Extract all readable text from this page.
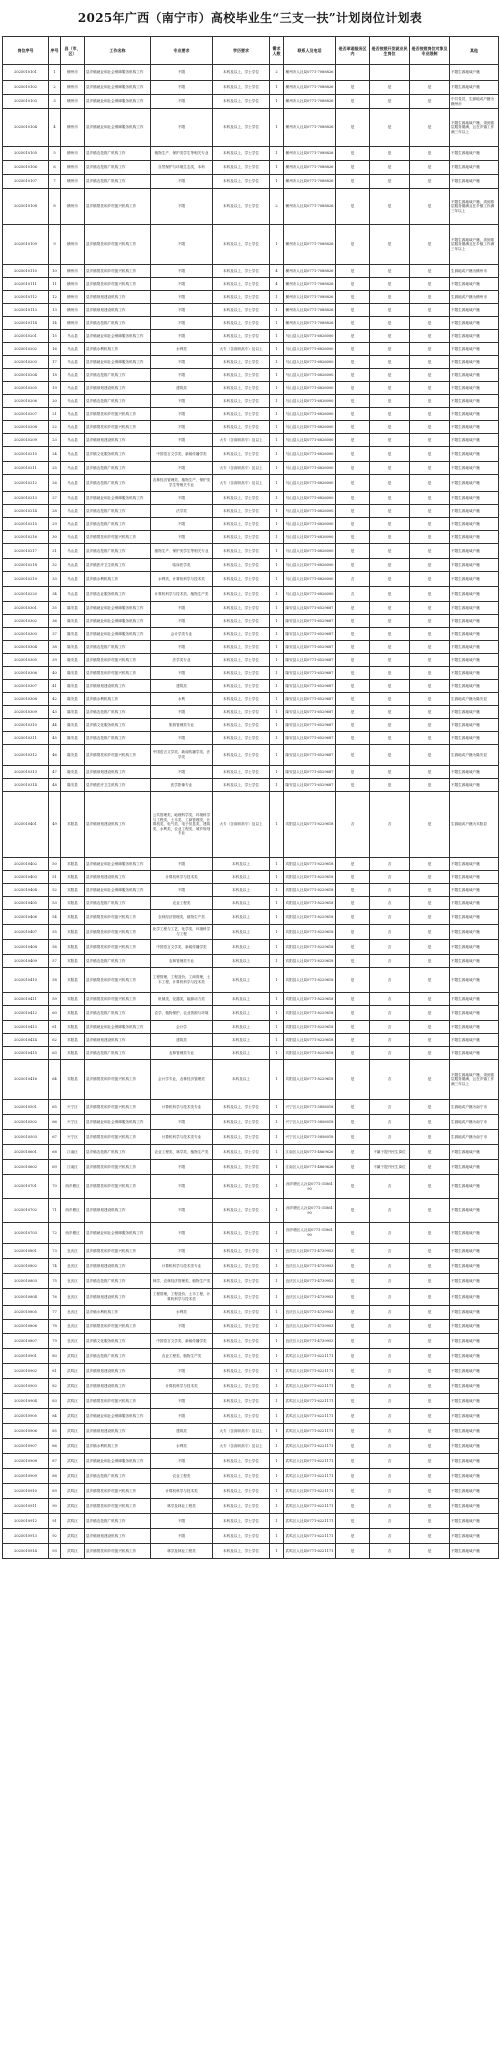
2025年广西（南宁市）高校毕业生“三支一扶”计划岗位计划表
岗位序号	序号	县（市、区）	工作名称	专业要求	学历要求	需求人数	联系人及电话	是否承诺服务区内	是否按照开发就业民生岗位	是否按照岗位对象及专业限制	其他
2025010101	1	横州市	县乡镇就业和社会保障服务机构工作	不限	本科及以上，学士学位	2	横州市人社局0771-7088826				不限生源地域户籍
2025010102	2	横州市	县乡镇就业和社会保障服务机构工作	不限	本科及以上，学士学位	1	横州市人社局0771-7088826	是	是	是	不限生源地域户籍
2025010103	3	横州市	县乡镇就业和社会保障服务机构工作	不限	本科及以上，学士学位	1	横州市人社局0771-7088826	是	是	是	中共党员，生源地或户籍为横州市
2025010104	4	横州市	县乡镇就业和社会保障服务机构工作	不限	本科及以上，学士学位	1	横州市人社局0771-7088826	是	是	是	不限生源地域户籍，须到基层服务期满，且在乡镇工作满三年以上
2025010105	5	横州市	县乡镇农技推广机构工作	植物生产、保护类学生等相关专业	本科及以上，学士学位	1	横州市人社局0771-7088826	是	是	是	不限生源地域户籍
2025010106	6	横州市	县乡镇农技推广机构工作	自然保护与环境生态类，本科	本科及以上，学士学位	1	横州市人社局0771-7088826	是	是	是	不限生源地域户籍
2025010107	7	横州市	县乡镇农技推广机构工作	不限	本科及以上，学士学位	1	横州市人社局0771-7088826	是	是	是	不限生源地域户籍
2025010108	8	横州市	县乡镇帮扶和乡村振兴机构工作	不限	本科及以上，学士学位	2	横州市人社局0771-7088826	是	是	是	不限生源地域户籍，须到基层服务期满且在乡镇工作满三年以上
2025010109	9	横州市	县乡镇帮扶和乡村振兴机构工作	不限	本科及以上，学士学位	1	横州市人社局0771-7088826	是	是	是	不限生源地域户籍，须到基层服务期满且在乡镇工作满三年以上
2025010110	10	横州市	县乡镇帮扶和乡村振兴机构工作	不限	本科及以上，学士学位	4	横州市人社局0771-7088826	是	是	是	生源地或户籍为横州市
2025010111	11	横州市	县乡镇帮扶和乡村振兴机构工作	不限	本科及以上，学士学位	4	横州市人社局0771-7088826	是	是	是	不限生源地域户籍
2025010112	12	横州市	县乡镇规划建设机构工作	不限	本科及以上，学士学位	1	横州市人社局0771-7088826	是	是	是	生源地或户籍为横州市
2025010113	13	横州市	县乡镇规划建设机构工作	不限	本科及以上，学士学位	1	横州市人社局0771-7088826	是	是	是	不限生源地域户籍
2025010114	14	横州市	县乡镇农技推广机构工作	不限	本科及以上，学士学位	1	横州市人社局0771-7088826	是	是	是	不限生源地域户籍
2025010201	15	马山县	县乡镇就业和社会保障服务机构工作	不限	本科及以上，学士学位	1	马山县人社局0771-6826000	是	是	是	不限生源地域户籍
2025010202	16	马山县	县乡镇水利机构工作	水利类	大专（含高职高专）及以上	1	马山县人社局0771-6826000	是	是	是	不限生源地域户籍
2025010203	17	马山县	县乡镇就业和社会保障服务机构工作	不限	本科及以上，学士学位	1	马山县人社局0771-6826000	是	是	是	不限生源地域户籍
2025010204	18	马山县	县乡镇农技推广机构工作	不限	本科及以上，学士学位	1	马山县人社局0771-6826000	是	是	是	不限生源地域户籍
2025010205	19	马山县	县乡镇规划建设机构工作	建筑类	本科及以上，学士学位	1	马山县人社局0771-6826000	是	是	是	不限生源地域户籍
2025010206	20	马山县	县乡镇农技推广机构工作	不限	本科及以上，学士学位	1	马山县人社局0771-6826000	是	是	是	不限生源地域户籍
2025010207	21	马山县	县乡镇帮扶和乡村振兴机构工作	不限	本科及以上，学士学位	1	马山县人社局0771-6826000	是	是	是	不限生源地域户籍
2025010208	22	马山县	县乡镇帮扶和乡村振兴机构工作	不限	本科及以上，学士学位	1	马山县人社局0771-6826000	是	是	是	不限生源地域户籍
2025010209	23	马山县	县乡镇规划建设机构工作	不限	大专（含高职高专）及以上	1	马山县人社局0771-6826000	是	是	是	不限生源地域户籍
2025010210	24	马山县	县乡镇文化服务机构工作	中国语言文学类，新闻传播学类	本科及以上，学士学位	1	马山县人社局0771-6826000	是	是	是	不限生源地域户籍
2025010211	25	马山县	县乡镇农技推广机构工作	不限	大专（含高职高专）及以上	1	马山县人社局0771-6826000	是	是	是	不限生源地域户籍
2025010212	26	马山县	县乡镇农技推广机构工作	农林经济管理类，植物生产、保护类学生等相关专业	大专（含高职高专）及以上	1	马山县人社局0771-6826000	是	是	是	不限生源地域户籍
2025010213	27	马山县	县乡镇就业和社会保障服务机构工作	不限	本科及以上，学士学位	1	马山县人社局0771-6826000	是	是	是	不限生源地域户籍
2025010214	28	马山县	县乡镇农技推广机构工作	法学类	本科及以上，学士学位	1	马山县人社局0771-6826000	是	是	是	不限生源地域户籍
2025010215	29	马山县	县乡镇农技推广机构工作	不限	本科及以上，学士学位	1	马山县人社局0771-6826000	是	是	是	不限生源地域户籍
2025010216	30	马山县	县乡镇帮扶和乡村振兴机构工作	不限	本科及以上，学士学位	1	马山县人社局0771-6826000	是	是	是	不限生源地域户籍
2025010217	31	马山县	县乡镇农技推广机构工作	植物生产、保护类学生等相关专业	本科及以上，学士学位	1	马山县人社局0771-6826000	是	是	是	不限生源地域户籍
2025010218	32	马山县	县乡镇医疗卫生机构工作	临床医学类	本科及以上，学士学位	1	马山县人社局0771-6826000	是	是	是	不限生源地域户籍
2025010219	33	马山县	县乡镇水利机构工作	水利类，计算机科学与技术类	本科及以上，学士学位	1	马山县人社局0771-6826000	否	是	是	不限生源地域户籍
2025010220	34	马山县	县乡镇农业服务机构工作	计算机科学与技术类，植物生产类	本科及以上，学士学位	1	马山县人社局0771-6826000	否	是	是	不限生源地域户籍
2025010301	35	隆安县	县乡镇就业和社会保障服务机构工作	不限	本科及以上，学士学位	1	隆安县人社局0771-6529687	是	是	是	不限生源地域户籍
2025010302	36	隆安县	县乡镇就业和社会保障服务机构工作	不限	本科及以上，学士学位	1	隆安县人社局0771-6529687	是	是	是	不限生源地域户籍
2025010303	37	隆安县	县乡镇就业和社会保障服务机构工作	会计学类专业	本科及以上，学士学位	1	隆安县人社局0771-6529687	是	是	是	不限生源地域户籍
2025010304	38	隆安县	县乡镇农技推广机构工作	不限	本科及以上，学士学位	1	隆安县人社局0771-6529687	是	是	是	不限生源地域户籍
2025010305	39	隆安县	县乡镇帮扶和乡村振兴机构工作	法学类专业	本科及以上，学士学位	1	隆安县人社局0771-6529687	是	是	是	不限生源地域户籍
2025010306	40	隆安县	县乡镇帮扶和乡村振兴机构工作	不限	本科及以上，学士学位	1	隆安县人社局0771-6529687	是	是	是	不限生源地域户籍
2025010307	41	隆安县	县乡镇规划建设机构工作	建筑类	本科及以上，学士学位	1	隆安县人社局0771-6529687	是	是	是	不限生源地域户籍
2025010308	42	隆安县	县乡镇水利机构工作	水利	本科及以上，学士学位	1	隆安县人社局0771-6529687	是	是	是	生源地或户籍为隆安县
2025010309	43	隆安县	县乡镇农技推广机构工作	不限	本科及以上，学士学位	1	隆安县人社局0771-6529687	是	是	是	不限生源地域户籍
2025010310	44	隆安县	县乡镇文化服务机构工作	旅游管理类专业	本科及以上，学士学位	1	隆安县人社局0771-6529687	是	是	是	不限生源地域户籍
2025010311	45	隆安县	县乡镇农技推广机构工作	不限	本科及以上，学士学位	1	隆安县人社局0771-6529687	是	是	是	不限生源地域户籍
2025010312	46	隆安县	县乡镇帮扶和乡村振兴机构工作	中国语言文学类，新闻传播学类，法学类	本科及以上，学士学位	1	隆安县人社局0771-6529687	是	是	是	生源地或户籍为隆安县
2025010313	47	隆安县	县乡镇规划建设机构工作	不限	本科及以上，学士学位	1	隆安县人社局0771-6529687	是	是	是	不限生源地域户籍
2025010314	48	隆安县	县乡镇医疗卫生机构工作	医学影像专业	本科及以上，学士学位	1	隆安县人社局0771-6529687	是	是	是	不限生源地域户籍
2025010401	49	宾阳县	县乡镇规划建设机构工作	公共管理类，地理科学类，环境科学与工程类，土木类，工商管理类，计算机类，电气类，电子信息类，建筑类，水利类，农业工程类，城乡规划专业	大专（含高职高专）及以上	1	宾阳县人社局0771-8229618	否	否	是	生源地或户籍为宾阳县
2025010402	50	宾阳县	县乡镇就业和社会保障服务机构工作	不限	本科及以上	1	宾阳县人社局0771-8229618	是	否	是	不限生源地域户籍
2025010403	51	宾阳县	县乡镇规划建设机构工作	计算机科学与技术类	本科及以上	1	宾阳县人社局0771-8229618	是	否	是	不限生源地域户籍
2025010404	52	宾阳县	县乡镇就业和社会保障服务机构工作	不限	本科及以上	1	宾阳县人社局0771-8229618	是	否	是	不限生源地域户籍
2025010405	53	宾阳县	县乡镇农技推广机构工作	农业工程类	本科及以上	1	宾阳县人社局0771-8229618	是	否	是	不限生源地域户籍
2025010406	54	宾阳县	县乡镇帮扶和乡村振兴机构工作	农林经济管理类，植物生产类	本科及以上	1	宾阳县人社局0771-8229618	是	否	是	不限生源地域户籍
2025010407	55	宾阳县	县乡镇帮扶和乡村振兴机构工作	化学工程与工艺，化学类，环境科学与工程	本科及以上	1	宾阳县人社局0771-8229618	是	否	是	不限生源地域户籍
2025010408	56	宾阳县	县乡镇帮扶和乡村振兴机构工作	中国语言文学类，新闻传播学类	本科及以上	1	宾阳县人社局0771-8229618	是	否	是	不限生源地域户籍
2025010409	57	宾阳县	县乡镇农技推广机构工作	农林管理类专业	本科及以上	1	宾阳县人社局0771-8229618	是	否	是	不限生源地域户籍
2025010410	58	宾阳县	县乡镇帮扶和乡村振兴机构工作	工程管理，工程造价，工商管理，土木工程，计算机科学与技术类	本科及以上	1	宾阳县人社局0771-8229618	是	否	是	不限生源地域户籍
2025010411	59	宾阳县	县乡镇帮扶和乡村振兴机构工作	机械类，仪器类，能源动力类	本科及以上	1	宾阳县人社局0771-8229618	是	否	是	不限生源地域户籍
2025010412	60	宾阳县	县乡镇农技推广机构工作	农学，植物保护，农业资源与环境	本科及以上	1	宾阳县人社局0771-8229618	是	否	是	不限生源地域户籍
2025010413	61	宾阳县	县乡镇就业和社会保障服务机构工作	会计学	本科及以上	1	宾阳县人社局0771-8229618	是	否	是	不限生源地域户籍
2025010414	62	宾阳县	县乡镇规划建设机构工作	建筑类	本科及以上	1	宾阳县人社局0771-8229618	是	否	是	不限生源地域户籍
2025010415	63	宾阳县	县乡镇农技推广机构工作	农林管理类专业	本科及以上	1	宾阳县人社局0771-8229618	是	否	是	不限生源地域户籍
2025010416	64	宾阳县	县乡镇帮扶和乡村振兴机构工作	会计学专业，农林经济管理类	本科及以上	1	宾阳县人社局0771-8229618	是	否	是	不限生源地域户籍，须到基层服务期满，且在乡镇工作满三年以上
2025010501	65	兴宁区	县乡镇帮扶和乡村振兴机构工作	计算机科学与技术类专业	本科及以上，学士学位	1	兴宁区人社局0771-5856018	是	否	是	生源地或户籍为南宁市
2025010502	66	兴宁区	县乡镇就业和社会保障服务机构工作	不限	本科及以上，学士学位	1	兴宁区人社局0771-5856018	是	否	是	生源地或户籍为南宁市
2025010503	67	兴宁区	县乡镇帮扶和乡村振兴机构工作	计算机科学与技术类专业	本科及以上，学士学位	1	兴宁区人社局0771-5856018	是	否	是	生源地或户籍为南宁市
2025010601	68	江南区	县乡镇农技推广机构工作	农业工程类，林学类，植物生产类	本科及以上，学士学位	1	江南区人社局0771-4869626	是	不属于提升民生岗位	是	不限生源地域户籍
2025010602	69	江南区	县乡镇帮扶和乡村振兴机构工作	不限	本科及以上，学士学位	1	江南区人社局0771-4869626	是	不属于提升民生岗位	是	不限生源地域户籍
2025010701	70	西乡塘区	县乡镇帮扶和乡村振兴机构工作	不限	本科及以上，学士学位	1	西乡塘区人社局0771-3186190	是	否	是	不限生源地域户籍
2025010702	71	西乡塘区	县乡镇规划建设机构工作	不限	本科及以上，学士学位	1	西乡塘区人社局0771-3186190	是	否	是	不限生源地域户籍
2025010703	72	西乡塘区	县乡镇就业和社会保障服务机构工作	不限	本科及以上，学士学位	1	西乡塘区人社局0771-3186190	是	否	是	不限生源地域户籍
2025010801	73	良庆区	县乡镇帮扶和乡村振兴机构工作	不限	本科及以上，学士学位	1	良庆区人社局0771-4739953	是	否	是	不限生源地域户籍
2025010802	74	良庆区	县乡镇规划建设机构工作	计算机科学与技术类专业	本科及以上，学士学位	1	良庆区人社局0771-4739953	是	否	是	不限生源地域户籍
2025010803	75	良庆区	县乡镇农技推广机构工作	林学，农林经济管理类，植物生产类	本科及以上，学士学位	1	良庆区人社局0771-4739953	是	否	是	不限生源地域户籍
2025010804	76	良庆区	县乡镇规划建设机构工作	工程管理，工程造价，土木工程，计算机科学与技术类	本科及以上，学士学位	1	良庆区人社局0771-4739953	是	否	是	不限生源地域户籍
2025010805	77	良庆区	县乡镇水利机构工作	水利类	本科及以上，学士学位	1	良庆区人社局0771-4739953	是	否	是	不限生源地域户籍
2025010806	78	良庆区	县乡镇帮扶和乡村振兴机构工作	不限	本科及以上，学士学位	1	良庆区人社局0771-4739953	是	否	是	不限生源地域户籍
2025010807	79	良庆区	县乡镇文化服务机构工作	中国语言文学类，新闻传播学类	本科及以上，学士学位	1	良庆区人社局0771-4739953	是	否	是	不限生源地域户籍
2025010901	80	武鸣区	县乡镇农技推广机构工作	农业工程类，植物生产类	本科及以上，学士学位	1	武鸣区人社局0771-6221171	是	否	是	不限生源地域户籍
2025010902	81	武鸣区	县乡镇规划建设机构工作	不限	本科及以上，学士学位	1	武鸣区人社局0771-6221171	是	否	是	不限生源地域户籍
2025010903	82	武鸣区	县乡镇规划建设机构工作	计算机科学与技术类	本科及以上，学士学位	1	武鸣区人社局0771-6221171	是	否	是	不限生源地域户籍
2025010904	83	武鸣区	县乡镇帮扶和乡村振兴机构工作	不限	本科及以上，学士学位	1	武鸣区人社局0771-6221171	是	否	是	不限生源地域户籍
2025010905	84	武鸣区	县乡镇就业和社会保障服务机构工作	不限	本科及以上，学士学位	1	武鸣区人社局0771-6221171	是	否	是	不限生源地域户籍
2025010906	85	武鸣区	县乡镇规划建设机构工作	建筑类	大专（含高职高专）及以上	1	武鸣区人社局0771-6221171	是	否	是	不限生源地域户籍
2025010907	86	武鸣区	县乡镇水利机构工作	水利类	大专（含高职高专）及以上	1	武鸣区人社局0771-6221171	是	否	是	不限生源地域户籍
2025010908	87	武鸣区	县乡镇就业和社会保障服务机构工作	不限	本科及以上，学士学位	1	武鸣区人社局0771-6221171	是	否	是	不限生源地域户籍
2025010909	88	武鸣区	县乡镇农技推广机构工作	农业工程类	本科及以上，学士学位	1	武鸣区人社局0771-6221171	是	否	是	不限生源地域户籍
2025010910	89	武鸣区	县乡镇帮扶和乡村振兴机构工作	计算机科学与技术类	本科及以上，学士学位	1	武鸣区人社局0771-6221171	是	否	是	不限生源地域户籍
2025010911	90	武鸣区	县乡镇帮扶和乡村振兴机构工作	林学及林业工程类	本科及以上，学士学位	1	武鸣区人社局0771-6221171	是	否	是	不限生源地域户籍
2025010912	91	武鸣区	县乡镇农技推广机构工作	不限	本科及以上，学士学位	1	武鸣区人社局0771-6221171	是	否	是	不限生源地域户籍
2025010913	92	武鸣区	县乡镇规划建设机构工作	不限	本科及以上，学士学位	1	武鸣区人社局0771-6221171	是	否	是	不限生源地域户籍
2025010914	93	武鸣区	县乡镇帮扶和乡村振兴机构工作	林学及林业工程类	本科及以上，学士学位	1	武鸣区人社局0771-6221171	是	否	是	不限生源地域户籍
